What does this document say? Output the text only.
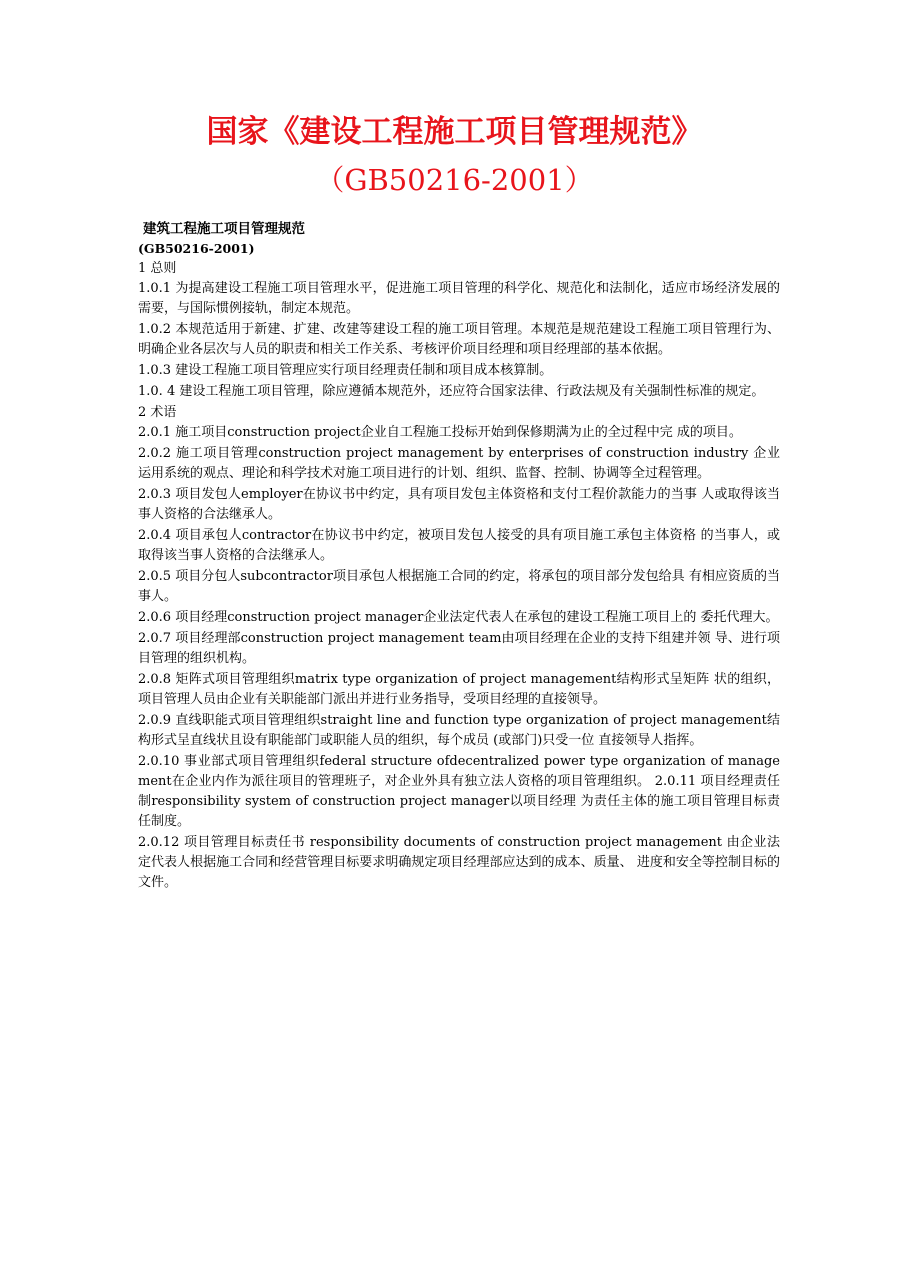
国家《建设工程施工项目管理规范》
（GB50216-2001）

建筑工程施工项目管理规范

(GB50216-2001)

1 总则

1.0.1 为提高建设工程施工项目管理水平，促进施工项目管理的科学化、规范化和法制化，适应市场经济发展的需要，与国际惯例接轨，制定本规范。

1.0.2 本规范适用于新建、扩建、改建等建设工程的施工项目管理。本规范是规范建设工程施工项目管理行为、明确企业各层次与人员的职责和相关工作关系、考核评价项目经理和项目经理部的基本依据。

1.0.3 建设工程施工项目管理应实行项目经理责任制和项目成本核算制。

1.0. 4 建设工程施工项目管理，除应遵循本规范外，还应符合国家法律、行政法规及有关强制性标准的规定。

2 术语

2.0.1 施工项目construction project企业自工程施工投标开始到保修期满为止的全过程中完 成的项目。

2.0.2 施工项目管理construction project management by enterprises of construction industry 企业运用系统的观点、理论和科学技术对施工项目进行的计划、组织、监督、控制、协调等全过程管理。

2.0.3 项目发包人employer在协议书中约定，具有项目发包主体资格和支付工程价款能力的当事 人或取得该当事人资格的合法继承人。

2.0.4 项目承包人contractor在协议书中约定，被项目发包人接受的具有项目施工承包主体资格 的当事人，或取得该当事人资格的合法继承人。

2.0.5 项目分包人subcontractor项目承包人根据施工合同的约定，将承包的项目部分发包给具 有相应资质的当事人。

2.0.6 项目经理construction project manager企业法定代表人在承包的建设工程施工项目上的 委托代理大。

2.0.7 项目经理部construction project management team由项目经理在企业的支持下组建并领 导、进行项目管理的组织机构。

2.0.8 矩阵式项目管理组织matrix type organization of project management结构形式呈矩阵 状的组织，项目管理人员由企业有关职能部门派出并进行业务指导，受项目经理的直接领导。

2.0.9 直线职能式项目管理组织straight line and function type organization of project management结构形式呈直线状且设有职能部门或职能人员的组织，每个成员 (或部门)只受一位 直接领导人指挥。

2.0.10 事业部式项目管理组织federal structure ofdecentralized power type organization of management在企业内作为派往项目的管理班子，对企业外具有独立法人资格的项目管理组织。 2.0.11 项目经理责任制responsibility system of construction project manager以项目经理 为责任主体的施工项目管理目标责任制度。

2.0.12 项目管理目标责任书 responsibility documents of construction project management 由企业法定代表人根据施工合同和经营管理目标要求明确规定项目经理部应达到的成本、质量、 进度和安全等控制目标的文件。
